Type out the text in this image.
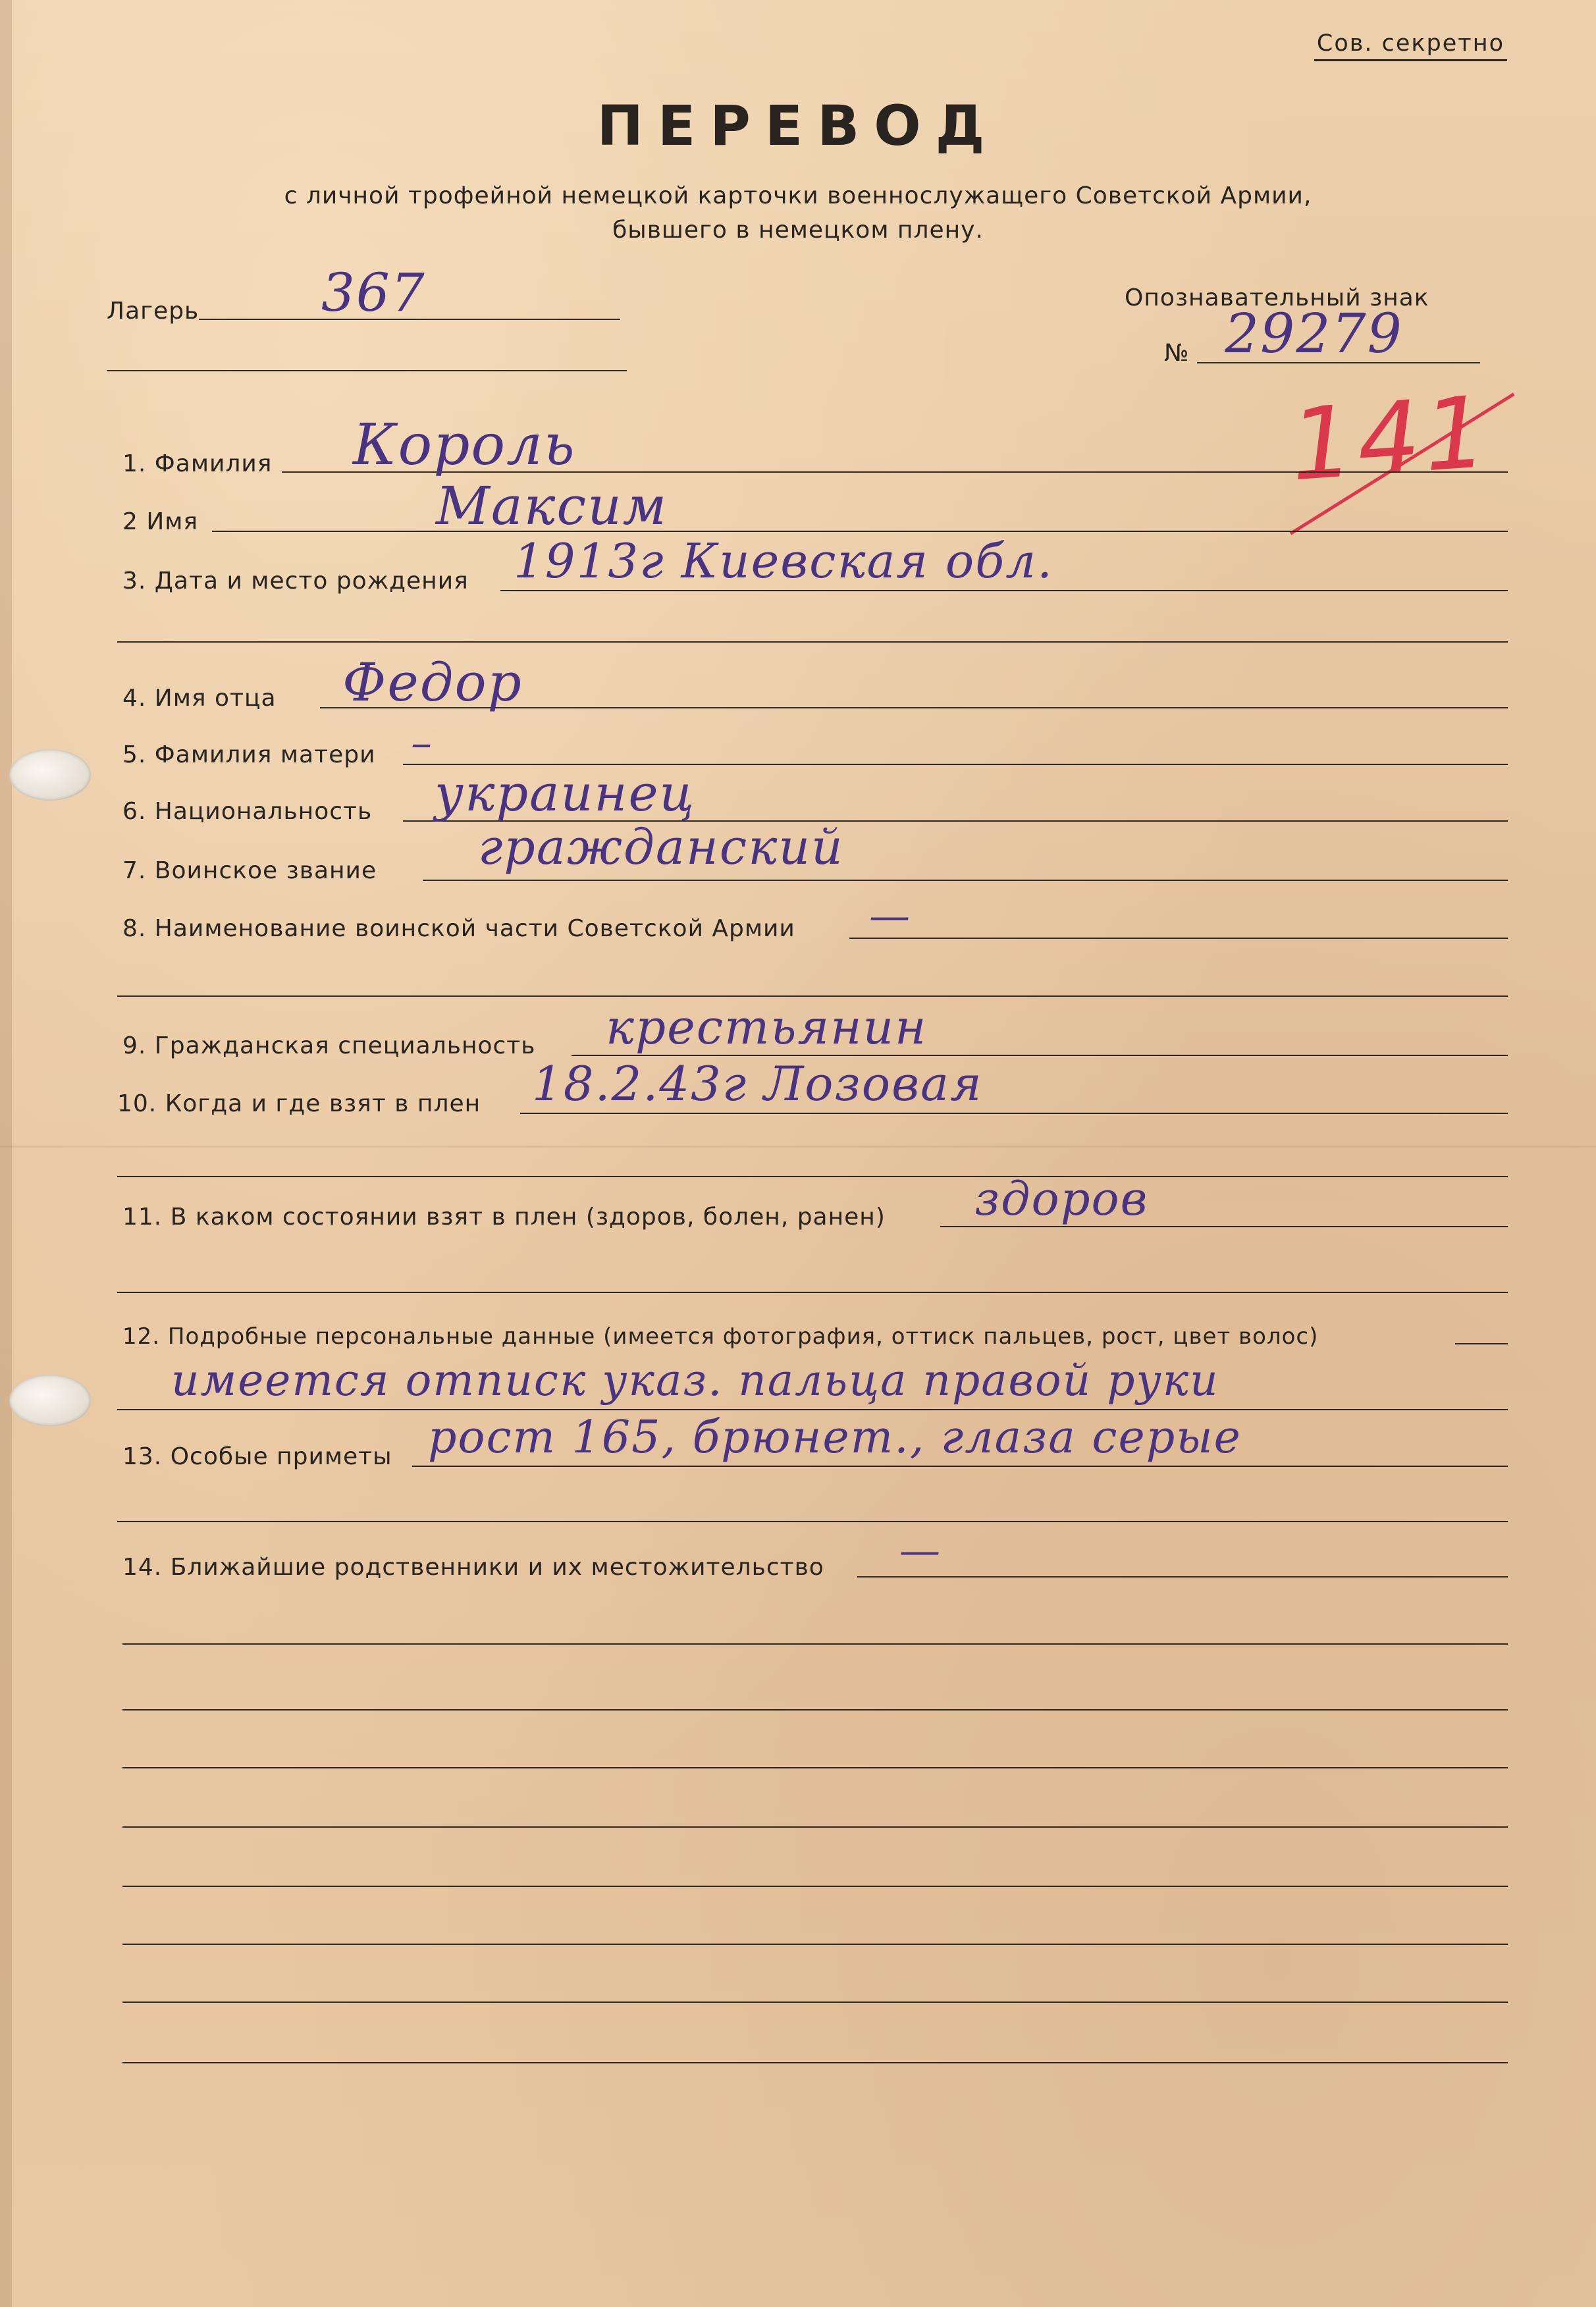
Сов. секретно
ПЕРЕВОД
с личной трофейной немецкой карточки военнослужащего Советской Армии,
бывшего в немецком плену.
Лагерь 367	Опознавательный знак
№ 29279
141
1. Фамилия Король
2 Имя	Максим
3. Дата и место рождения 1913г Киевская обл.
4. Имя отца Федор
5. Фамилия матери –
6. Национальность украинец
7. Воинское звание гражданский
8. Наименование воинской части Советской Армии —
9. Гражданская специальность крестьянин
10. Когда и где взят в плен 18.2.43г Лозовая
11. В каком состоянии взят в плен (здоров, болен, ранен) здоров
12. Подробные персональные данные (имеется фотография, оттиск пальцев, рост, цвет волос)
имеется отпиcк указ. пальца правой руки
13. Особые приметы рост 165, брюнет., глаза серые
14. Ближайшие родственники и их местожительство —
